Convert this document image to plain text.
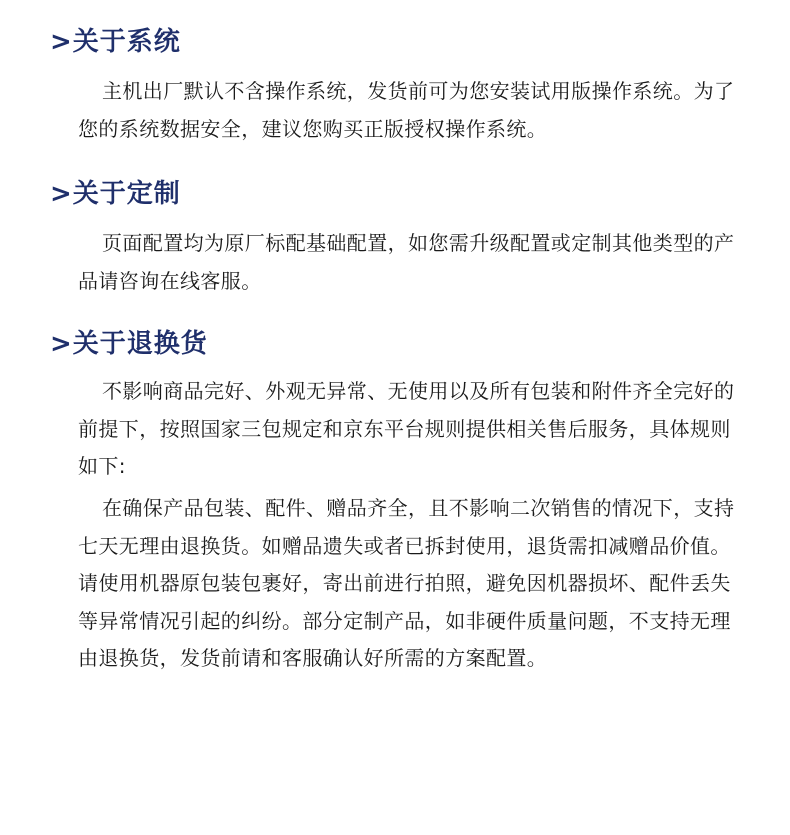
>关于系统

主机出厂默认不含操作系统，发货前可为您安装试用版操作系统。为了您的系统数据安全，建议您购买正版授权操作系统。

>关于定制

页面配置均为原厂标配基础配置，如您需升级配置或定制其他类型的产品请咨询在线客服。

>关于退换货

不影响商品完好、外观无异常、无使用以及所有包装和附件齐全完好的前提下，按照国家三包规定和京东平台规则提供相关售后服务，具体规则如下:

在确保产品包装、配件、赠品齐全，且不影响二次销售的情况下，支持七天无理由退换货。如赠品遗失或者已拆封使用，退货需扣减赠品价值。请使用机器原包装包裹好，寄出前进行拍照，避免因机器损坏、配件丢失等异常情况引起的纠纷。部分定制产品，如非硬件质量问题，不支持无理由退换货，发货前请和客服确认好所需的方案配置。
